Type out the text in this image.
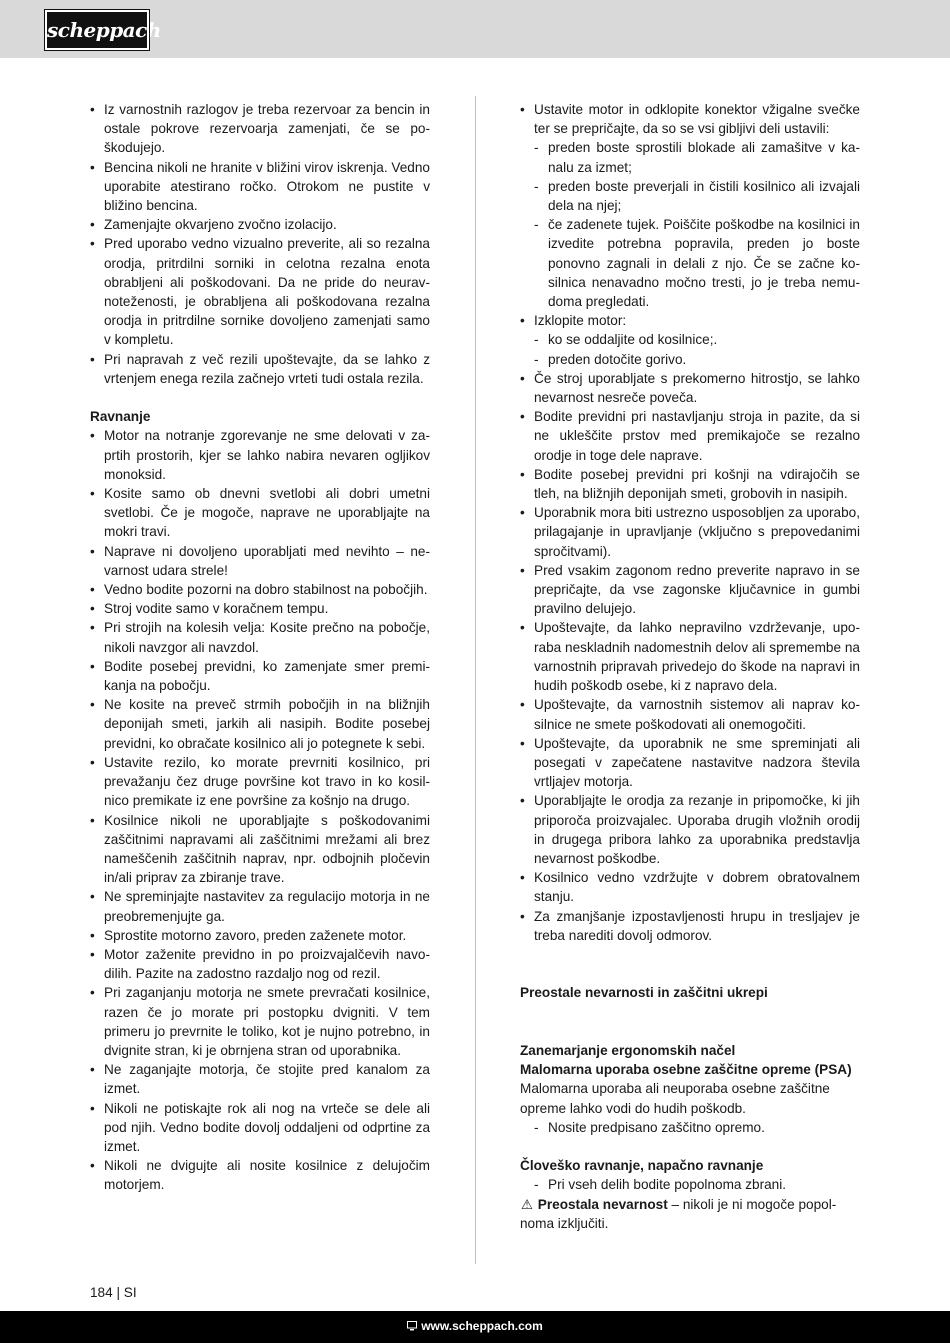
scheppach
• Iz varnostnih razlogov je treba rezervoar za bencin in ostale pokrove rezervoarja zamenjati, če se poškodujejo.
• Bencina nikoli ne hranite v bližini virov iskrenja. Vedno uporabite atestirano ročko. Otrokom ne pustite v bližino bencina.
• Zamenjajte okvarjeno zvočno izolacijo.
• Pred uporabo vedno vizualno preverite, ali so rezalna orodja, pritrdilni sorniki in celotna rezalna enota obrabljeni ali poškodovani. Da ne pride do neuravnoteženosti, je obrabljena ali poškodovana rezalna orodja in pritrdilne sornike dovoljeno zamenjati samo v kompletu.
• Pri napravah z več rezili upoštevajte, da se lahko z vrtenjem enega rezila začnejo vrteti tudi ostala rezila.
Ravnanje
• Motor na notranje zgorevanje ne sme delovati v zaprtih prostorih, kjer se lahko nabira nevaren ogljikov monoksid.
• Kosite samo ob dnevni svetlobi ali dobri umetni svetlobi. Če je mogoče, naprave ne uporabljajte na mokri travi.
• Naprave ni dovoljeno uporabljati med nevihto – nevarnost udara strele!
• Vedno bodite pozorni na dobro stabilnost na pobočjih.
• Stroj vodite samo v koračnem tempu.
• Pri strojih na kolesih velja: Kosite prečno na pobočje, nikoli navzgor ali navzdol.
• Bodite posebej previdni, ko zamenjate smer premikanja na pobočju.
• Ne kosite na preveč strmih pobočjih in na bližnjih deponijah smeti, jarkih ali nasipih. Bodite posebej previdni, ko obračate kosilnico ali jo potegnete k sebi.
• Ustavite rezilo, ko morate prevrniti kosilnico, pri prevažanju čez druge površine kot travo in ko kosilnico premikate iz ene površine za košnjo na drugo.
• Kosilnice nikoli ne uporabljajte s poškodovanimi zaščitnimi napravami ali zaščitnimi mrežami ali brez nameščenih zaščitnih naprav, npr. odbojnih pločevin in/ali priprav za zbiranje trave.
• Ne spreminjajte nastavitev za regulacijo motorja in ne preobremenjujte ga.
• Sprostite motorno zavoro, preden zaženete motor.
• Motor zaženite previdno in po proizvajalčevih navodilih. Pazite na zadostno razdaljo nog od rezil.
• Pri zaganjanju motorja ne smete prevračati kosilnice, razen če jo morate pri postopku dvigniti. V tem primeru jo prevrnite le toliko, kot je nujno potrebno, in dvignite stran, ki je obrnjena stran od uporabnika.
• Ne zaganjajte motorja, če stojite pred kanalom za izmet.
• Nikoli ne potiskajte rok ali nog na vrteče se dele ali pod njih. Vedno bodite dovolj oddaljeni od odprtine za izmet.
• Nikoli ne dvigujte ali nosite kosilnice z delujočim motorjem.
• Ustavite motor in odklopite konektor vžigalne svečke ter se prepričajte, da so se vsi gibljivi deli ustavili:
- preden boste sprostili blokade ali zamašitve v kanalu za izmet;
- preden boste preverjali in čistili kosilnico ali izvajali dela na njej;
- če zadenete tujek. Poiščite poškodbe na kosilnici in izvedite potrebna popravila, preden jo boste ponovno zagnali in delali z njo. Če se začne kosilnica nenavadno močno tresti, jo je treba nemudoma pregledati.
• Izklopite motor:
- ko se oddaljite od kosilnice;.
- preden dotočite gorivo.
• Če stroj uporabljate s prekomerno hitrostjo, se lahko nevarnost nesreče poveča.
• Bodite previdni pri nastavljanju stroja in pazite, da si ne ukleščite prstov med premikajoče se rezalno orodje in toge dele naprave.
• Bodite posebej previdni pri košnji na vdirajočih se tleh, na bližnjih deponijah smeti, grobovih in nasipih.
• Uporabnik mora biti ustrezno usposobljen za uporabo, prilagajanje in upravljanje (vključno s prepovedanimi spročitvami).
• Pred vsakim zagonom redno preverite napravo in se prepričajte, da vse zagonske ključavnice in gumbi pravilno delujejo.
• Upoštevajte, da lahko nepravilno vzdrževanje, uporaba neskladnih nadomestnih delov ali spremembe na varnostnih pripravah privedejo do škode na napravi in hudih poškodb osebe, ki z napravo dela.
• Upoštevajte, da varnostnih sistemov ali naprav kosilnice ne smete poškodovati ali onemogočiti.
• Upoštevajte, da uporabnik ne sme spreminjati ali posegati v zapečatene nastavitve nadzora števila vrtljajev motorja.
• Uporabljajte le orodja za rezanje in pripomočke, ki jih priporoča proizvajalec. Uporaba drugih vložnih orodij in drugega pribora lahko za uporabnika predstavlja nevarnost poškodbe.
• Kosilnico vedno vzdržujte v dobrem obratovalnem stanju.
• Za zmanjšanje izpostavljenosti hrupu in tresljajev je treba narediti dovolj odmorov.
Preostale nevarnosti in zaščitni ukrepi
Zanemarjanje ergonomskih načel
Malomarna uporaba osebne zaščitne opreme (PSA)
Malomarna uporaba ali neuporaba osebne zaščitne opreme lahko vodi do hudih poškodb.
- Nosite predpisano zaščitno opremo.
Človeško ravnanje, napačno ravnanje
- Pri vseh delih bodite popolnoma zbrani.
⚠ Preostala nevarnost – nikoli je ni mogoče popolnoma izključiti.
184 | SI
www.scheppach.com
